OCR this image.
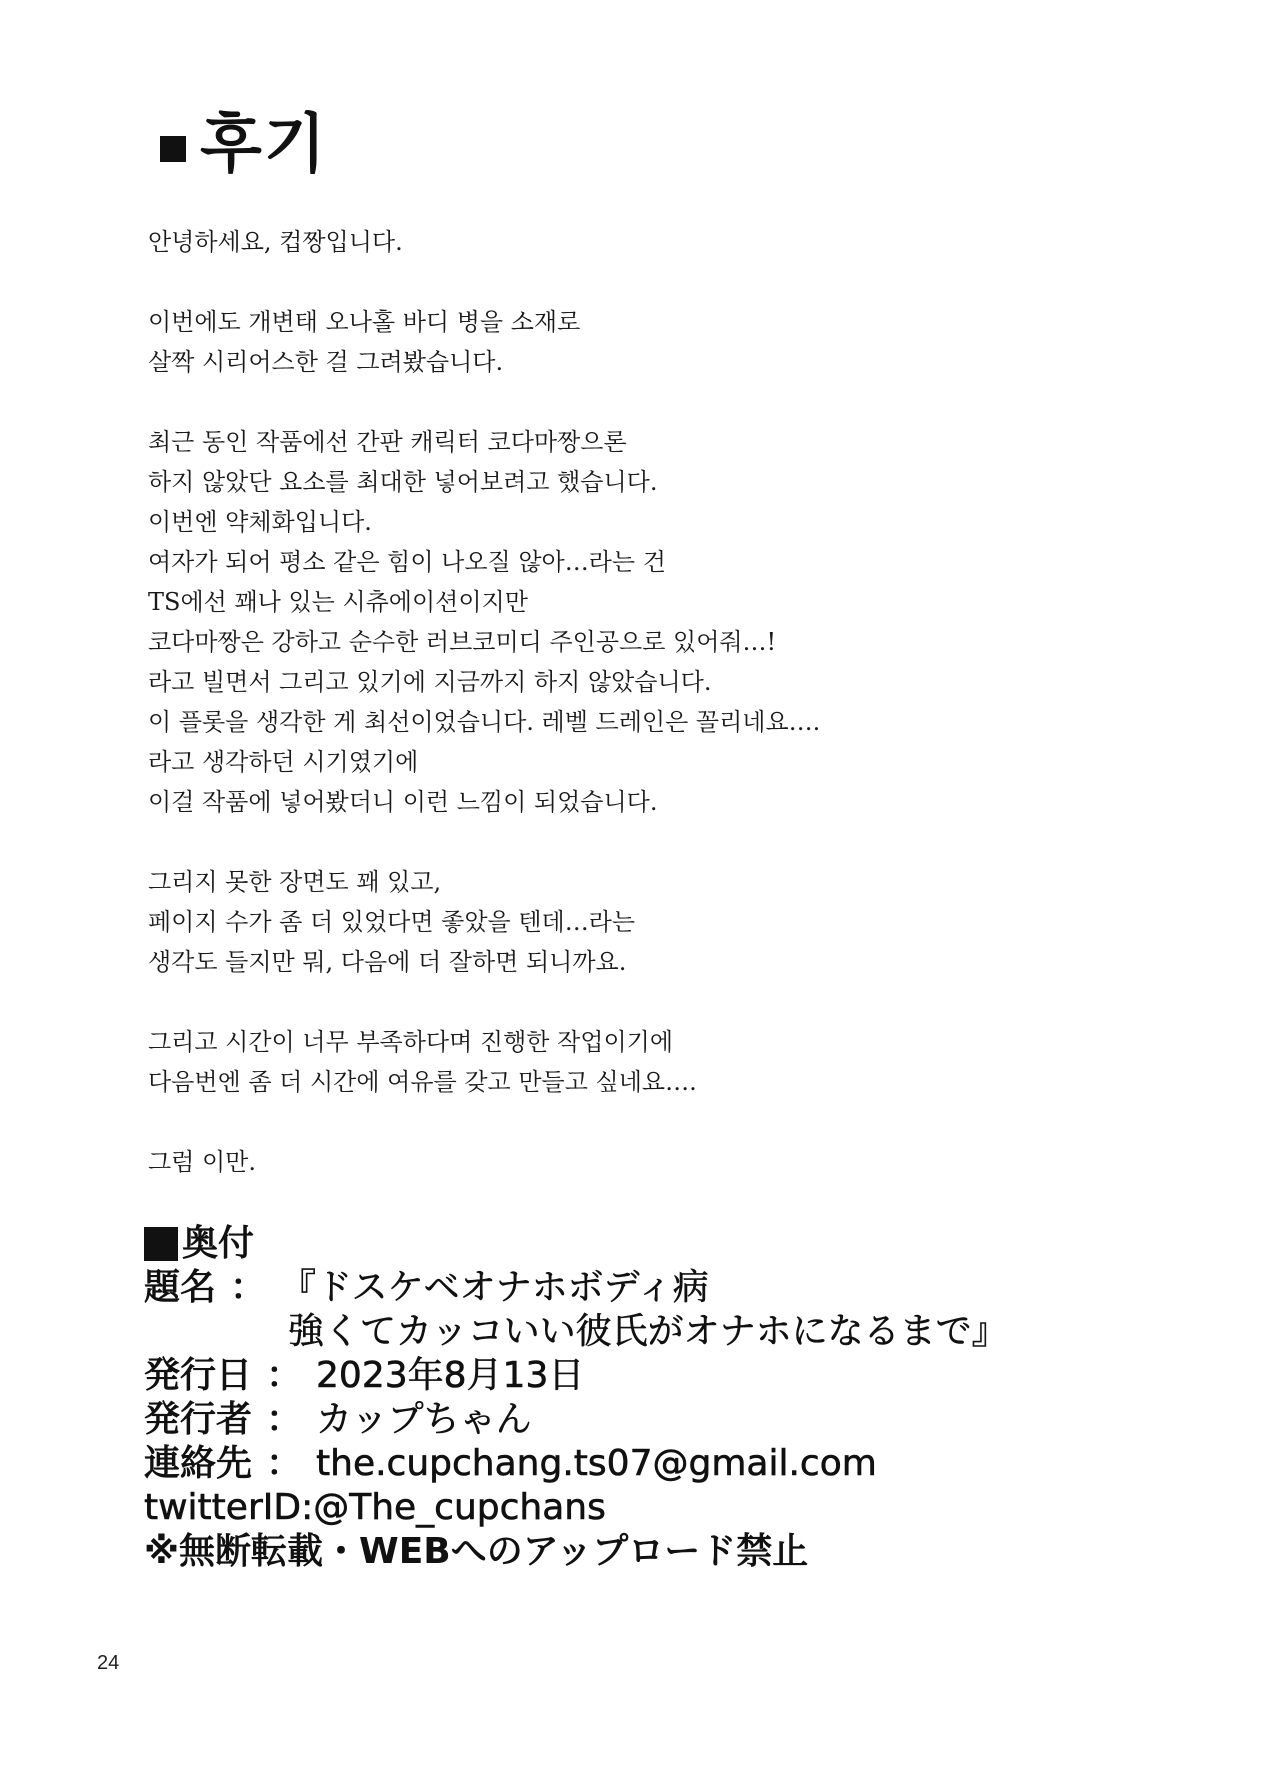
후기
안녕하세요, 컵짱입니다.
이번에도 개변태 오나홀 바디 병을 소재로
살짝 시리어스한 걸 그려봤습니다.
최근 동인 작품에선 간판 캐릭터 코다마짱으론
하지 않았단 요소를 최대한 넣어보려고 했습니다.
이번엔 약체화입니다.
여자가 되어 평소 같은 힘이 나오질 않아…라는 건
TS에선 꽤나 있는 시츄에이션이지만
코다마짱은 강하고 순수한 러브코미디 주인공으로 있어줘…!
라고 빌면서 그리고 있기에 지금까지 하지 않았습니다.
이 플롯을 생각한 게 최선이었습니다. 레벨 드레인은 꼴리네요….
라고 생각하던 시기였기에
이걸 작품에 넣어봤더니 이런 느낌이 되었습니다.
그리지 못한 장면도 꽤 있고,
페이지 수가 좀 더 있었다면 좋았을 텐데…라는
생각도 들지만 뭐, 다음에 더 잘하면 되니까요.
그리고 시간이 너무 부족하다며 진행한 작업이기에
다음번엔 좀 더 시간에 여유를 갖고 만들고 싶네요….
그럼 이만.
奥付
題名 ： 『ドスケベオナホボディ病
強くてカッコいい彼氏がオナホになるまで』
発行日 ： 2023年8月13日
発行者 ： カップちゃん
連絡先 ： the.cupchang.ts07@gmail.com
twitterID:@The_cupchans
※無断転載・WEBへのアップロード禁止
24
